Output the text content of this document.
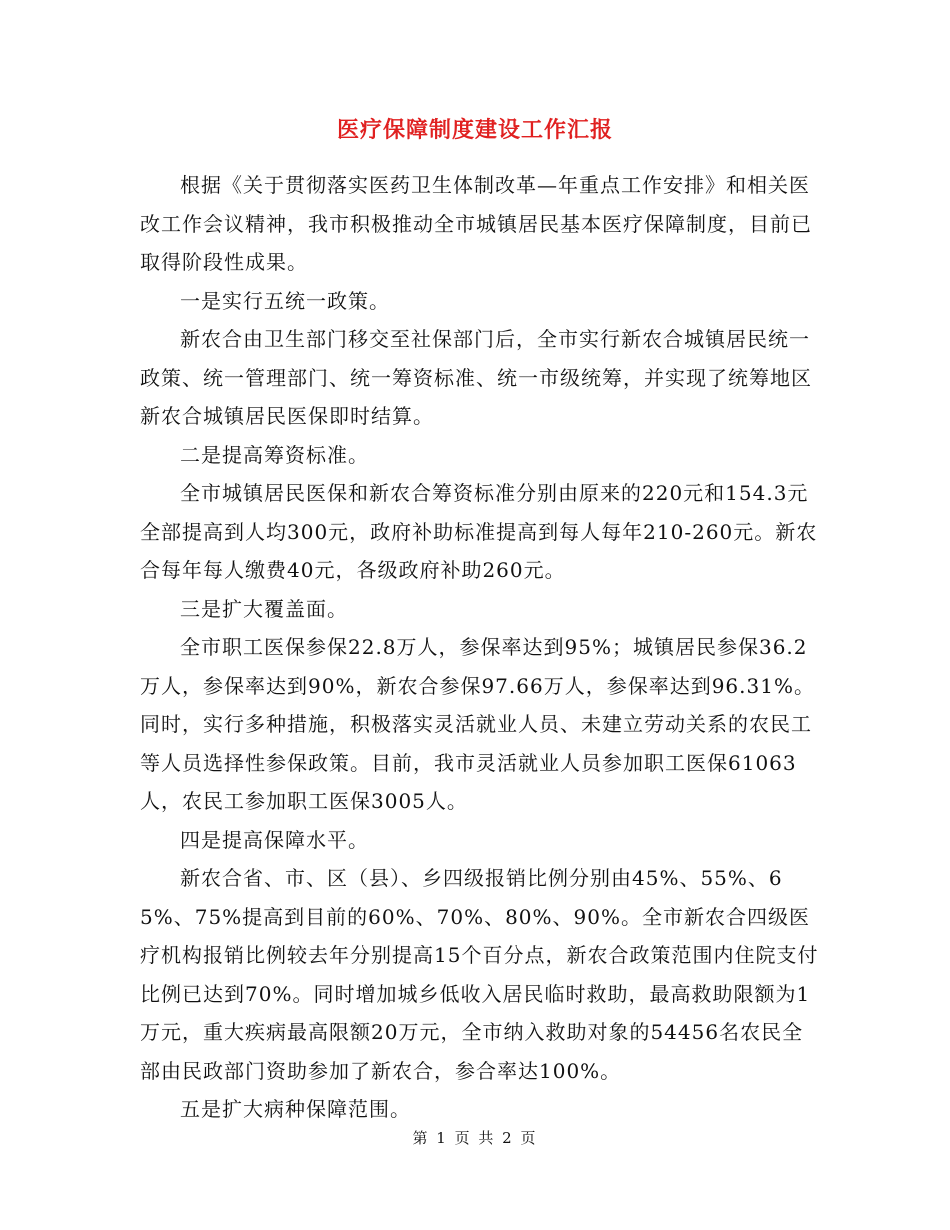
医疗保障制度建设工作汇报

根据《关于贯彻落实医药卫生体制改革—年重点工作安排》和相关医改工作会议精神，我市积极推动全市城镇居民基本医疗保障制度，目前已取得阶段性成果。

一是实行五统一政策。

新农合由卫生部门移交至社保部门后，全市实行新农合城镇居民统一政策、统一管理部门、统一筹资标准、统一市级统筹，并实现了统筹地区新农合城镇居民医保即时结算。

二是提高筹资标准。

全市城镇居民医保和新农合筹资标准分别由原来的220元和154.3元全部提高到人均300元，政府补助标准提高到每人每年210-260元。新农合每年每人缴费40元，各级政府补助260元。

三是扩大覆盖面。

全市职工医保参保22.8万人，参保率达到95%；城镇居民参保36.2万人，参保率达到90%，新农合参保97.66万人，参保率达到96.31%。同时，实行多种措施，积极落实灵活就业人员、未建立劳动关系的农民工等人员选择性参保政策。目前，我市灵活就业人员参加职工医保61063人，农民工参加职工医保3005人。

四是提高保障水平。

新农合省、市、区（县）、乡四级报销比例分别由45%、55%、65%、75%提高到目前的60%、70%、80%、90%。全市新农合四级医疗机构报销比例较去年分别提高15个百分点，新农合政策范围内住院支付比例已达到70%。同时增加城乡低收入居民临时救助，最高救助限额为1万元，重大疾病最高限额20万元，全市纳入救助对象的54456名农民全部由民政部门资助参加了新农合，参合率达100%。

五是扩大病种保障范围。

第 1 页 共 2 页
